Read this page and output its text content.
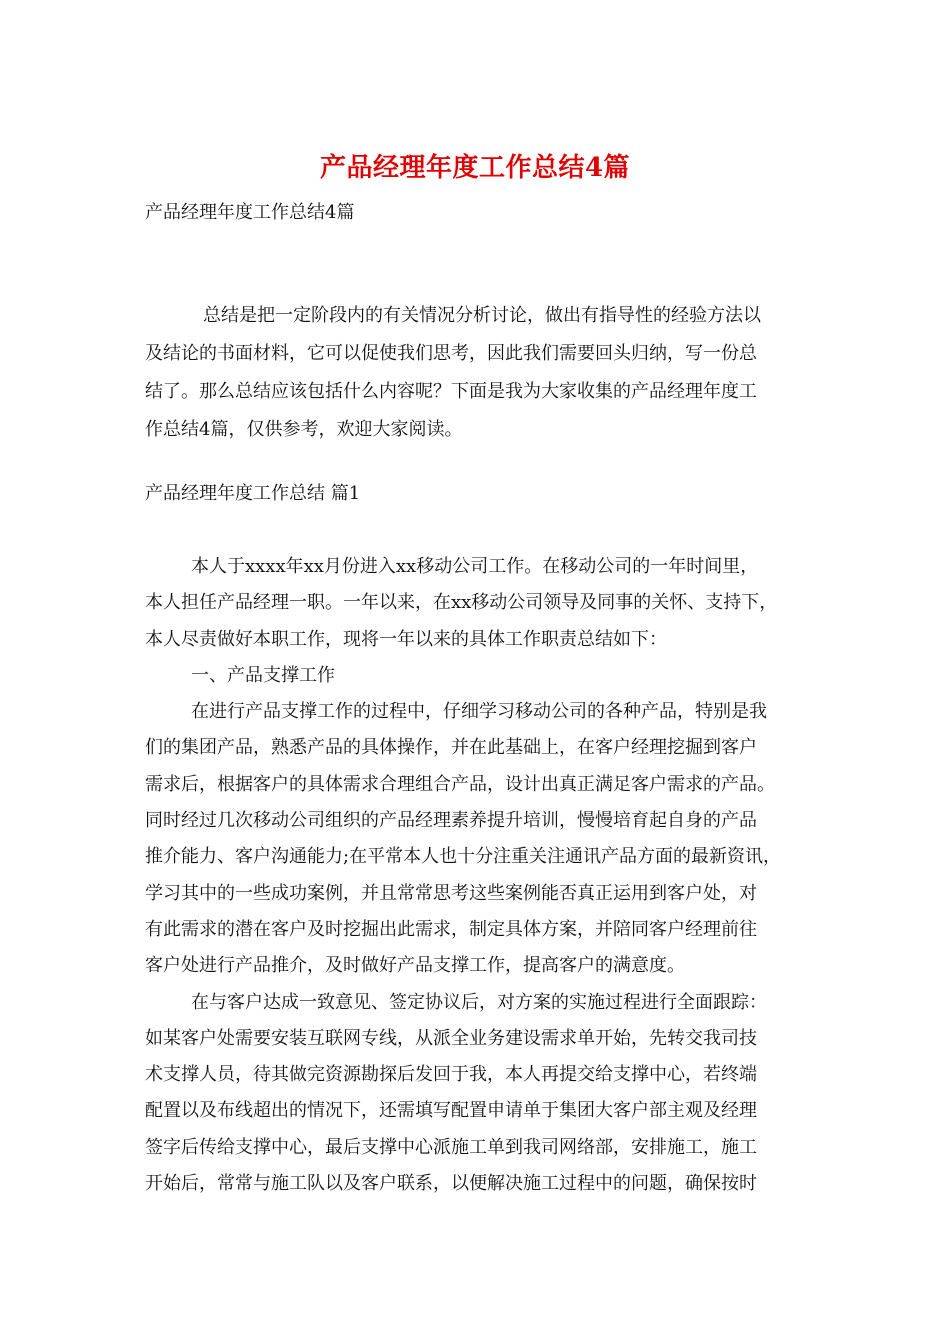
产品经理年度工作总结4篇
产品经理年度工作总结4篇
总结是把一定阶段内的有关情况分析讨论，做出有指导性的经验方法以
及结论的书面材料，它可以促使我们思考，因此我们需要回头归纳，写一份总
结了。那么总结应该包括什么内容呢？下面是我为大家收集的产品经理年度工
作总结4篇，仅供参考，欢迎大家阅读。
产品经理年度工作总结 篇1
本人于xxxx年xx月份进入xx移动公司工作。在移动公司的一年时间里，
本人担任产品经理一职。一年以来，在xx移动公司领导及同事的关怀、支持下，
本人尽责做好本职工作，现将一年以来的具体工作职责总结如下：
一、产品支撑工作
在进行产品支撑工作的过程中，仔细学习移动公司的各种产品，特别是我
们的集团产品，熟悉产品的具体操作，并在此基础上，在客户经理挖掘到客户
需求后，根据客户的具体需求合理组合产品，设计出真正满足客户需求的产品。
同时经过几次移动公司组织的产品经理素养提升培训，慢慢培育起自身的产品
推介能力、客户沟通能力;在平常本人也十分注重关注通讯产品方面的最新资讯，
学习其中的一些成功案例，并且常常思考这些案例能否真正运用到客户处，对
有此需求的潜在客户及时挖掘出此需求，制定具体方案，并陪同客户经理前往
客户处进行产品推介，及时做好产品支撑工作，提高客户的满意度。
在与客户达成一致意见、签定协议后，对方案的实施过程进行全面跟踪：
如某客户处需要安装互联网专线，从派全业务建设需求单开始，先转交我司技
术支撑人员，待其做完资源勘探后发回于我，本人再提交给支撑中心，若终端
配置以及布线超出的情况下，还需填写配置申请单于集团大客户部主观及经理
签字后传给支撑中心，最后支撑中心派施工单到我司网络部，安排施工，施工
开始后，常常与施工队以及客户联系，以便解决施工过程中的问题，确保按时
